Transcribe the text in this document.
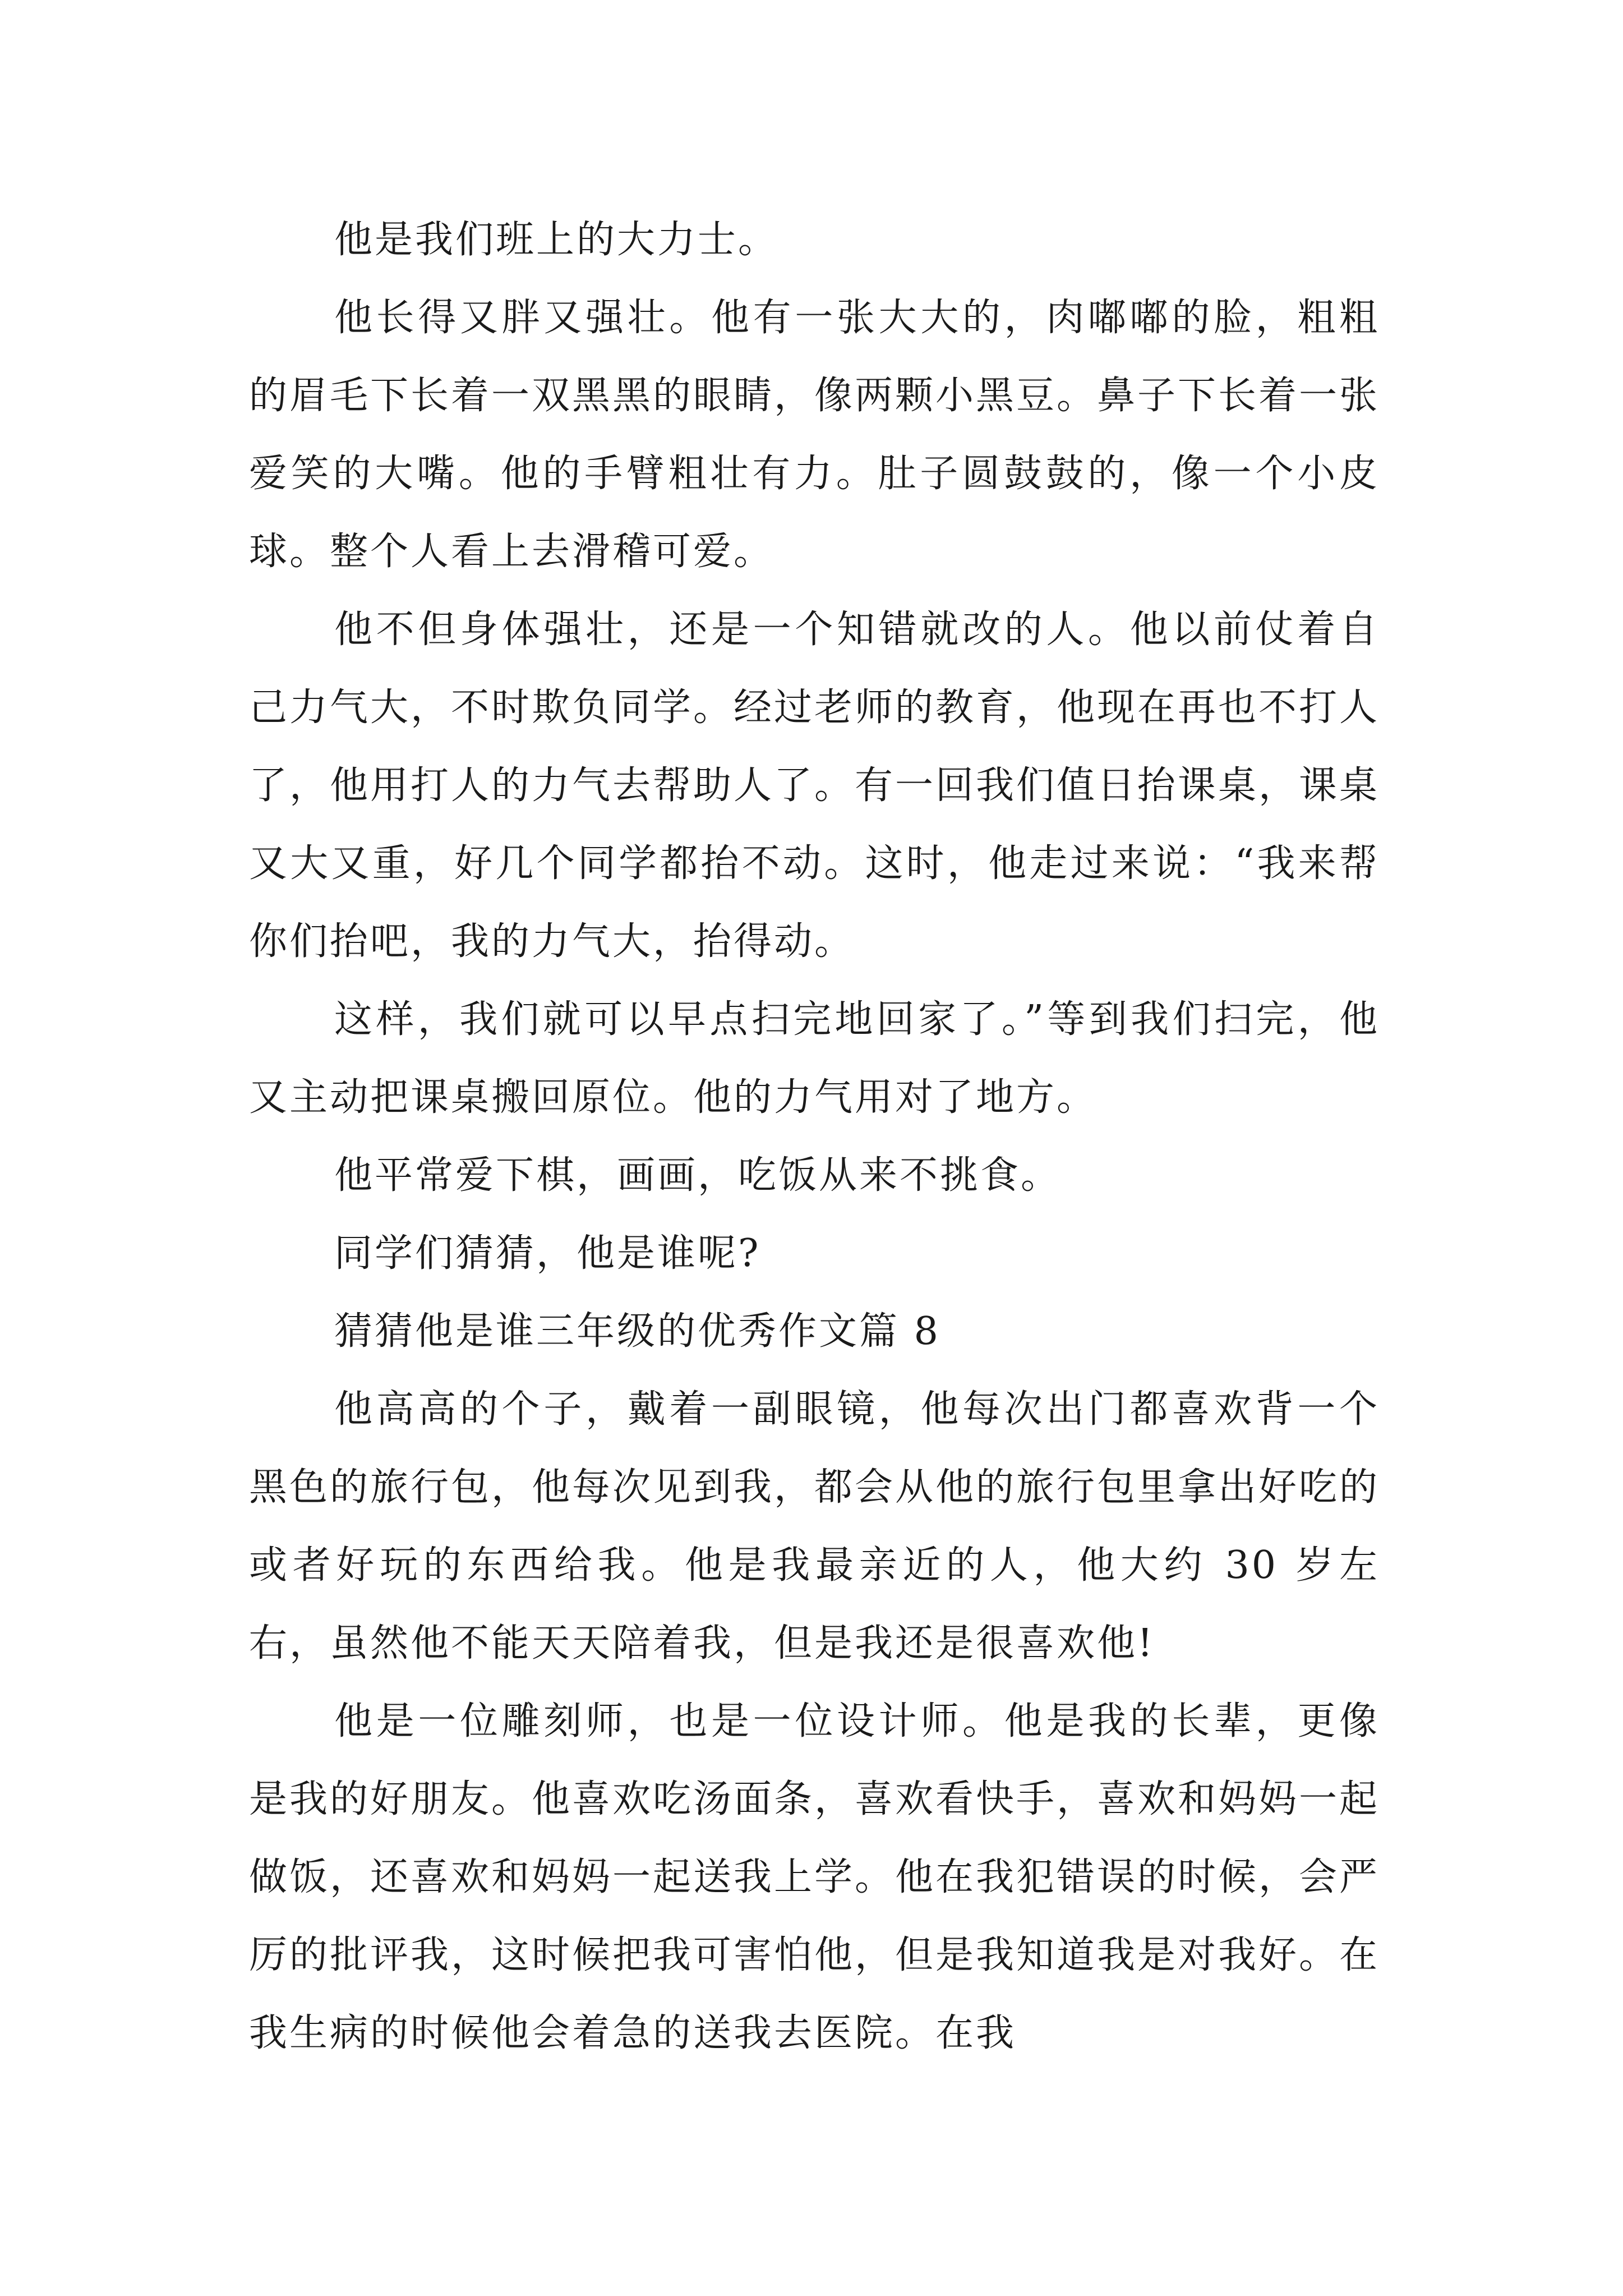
他是我们班上的大力士。

他长得又胖又强壮。他有一张大大的，肉嘟嘟的脸，粗粗的眉毛下长着一双黑黑的眼睛，像两颗小黑豆。鼻子下长着一张爱笑的大嘴。他的手臂粗壮有力。肚子圆鼓鼓的，像一个小皮球。整个人看上去滑稽可爱。

他不但身体强壮，还是一个知错就改的人。他以前仗着自己力气大，不时欺负同学。经过老师的教育，他现在再也不打人了，他用打人的力气去帮助人了。有一回我们值日抬课桌，课桌又大又重，好几个同学都抬不动。这时，他走过来说：“我来帮你们抬吧，我的力气大，抬得动。

这样，我们就可以早点扫完地回家了。”等到我们扫完，他又主动把课桌搬回原位。他的力气用对了地方。

他平常爱下棋，画画，吃饭从来不挑食。

同学们猜猜，他是谁呢?

猜猜他是谁三年级的优秀作文篇 8

他高高的个子，戴着一副眼镜，他每次出门都喜欢背一个黑色的旅行包，他每次见到我，都会从他的旅行包里拿出好吃的或者好玩的东西给我。他是我最亲近的人，他大约 30 岁左右，虽然他不能天天陪着我，但是我还是很喜欢他!

他是一位雕刻师，也是一位设计师。他是我的长辈，更像是我的好朋友。他喜欢吃汤面条，喜欢看快手，喜欢和妈妈一起做饭，还喜欢和妈妈一起送我上学。他在我犯错误的时候，会严厉的批评我，这时候把我可害怕他，但是我知道我是对我好。在我生病的时候他会着急的送我去医院。在我
